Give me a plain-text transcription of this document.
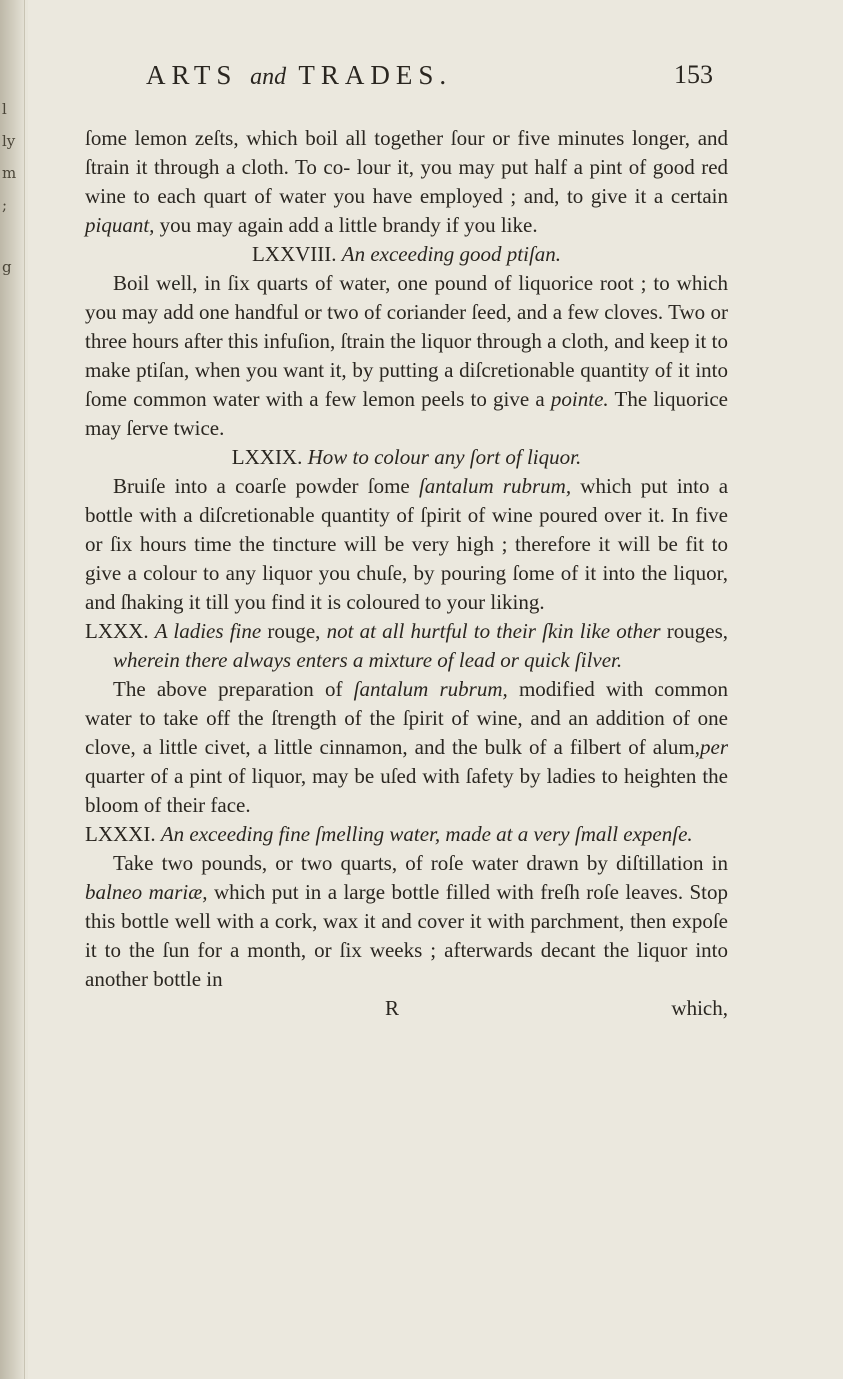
l
ly
m
;
g
ARTS and TRADES.	153

ſome lemon zeſts, which boil all together ſour or five minutes longer, and ſtrain it through a cloth. To co- lour it, you may put half a pint of good red wine to each quart of water you have employed ; and, to give it a certain piquant, you may again add a little brandy if you like.

LXXVIII. An exceeding good ptiſan.

Boil well, in ſix quarts of water, one pound of liquorice root ; to which you may add one handful or two of coriander ſeed, and a few cloves. Two or three hours after this infuſion, ſtrain the liquor through a cloth, and keep it to make ptiſan, when you want it, by putting a diſcretionable quantity of it into ſome common water with a few lemon peels to give a pointe. The liquorice may ſerve twice.

LXXIX. How to colour any ſort of liquor.

Bruiſe into a coarſe powder ſome ſantalum rubrum, which put into a bottle with a diſcretionable quantity of ſpirit of wine poured over it. In five or ſix hours time the tincture will be very high ; therefore it will be fit to give a colour to any liquor you chuſe, by pouring ſome of it into the liquor, and ſhaking it till you find it is coloured to your liking.

LXXX. A ladies fine rouge, not at all hurtful to their ſkin like other rouges, wherein there always enters a mixture of lead or quick ſilver.

The above preparation of ſantalum rubrum, modified with common water to take off the ſtrength of the ſpirit of wine, and an addition of one clove, a little civet, a little cinnamon, and the bulk of a filbert of alum,per quarter of a pint of liquor, may be uſed with ſafety by ladies to heighten the bloom of their face.

LXXXI. An exceeding fine ſmelling water, made at a very ſmall expenſe.

Take two pounds, or two quarts, of roſe water drawn by diſtillation in balneo mariæ, which put in a large bottle filled with freſh roſe leaves. Stop this bottle well with a cork, wax it and cover it with parchment, then expoſe it to the ſun for a month, or ſix weeks ; afterwards decant the liquor into another bottle in

R	which,
